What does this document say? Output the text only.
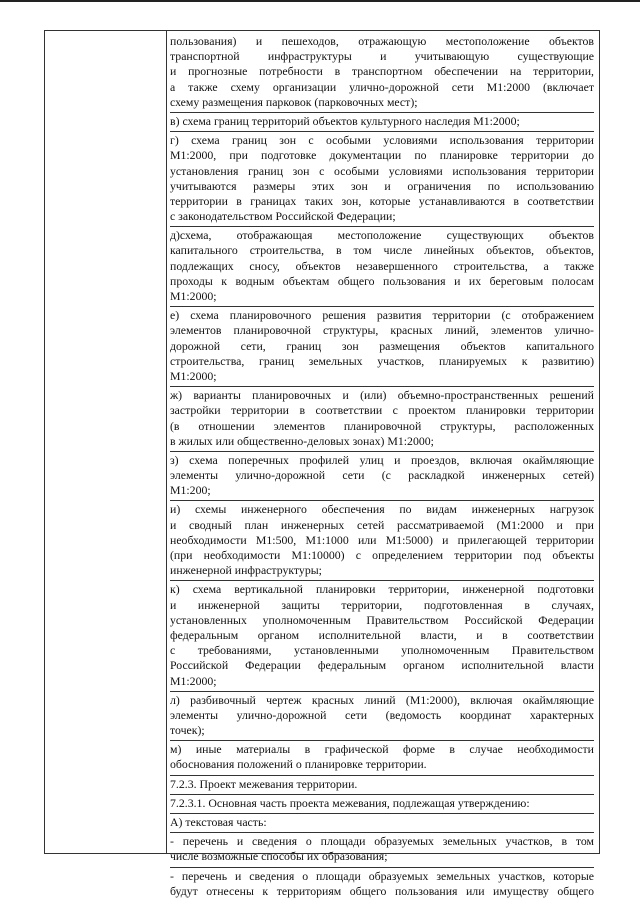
пользования) и пешеходов, отражающую местоположение объектов
транспортной инфраструктуры и учитывающую существующие
и прогнозные потребности в транспортном обеспечении на территории,
а также схему организации улично-дорожной сети М1:2000 (включает
схему размещения парковок (парковочных мест);
в) схема границ территорий объектов культурного наследия М1:2000;
г) схема границ зон с особыми условиями использования территории
М1:2000, при подготовке документации по планировке территории до
установления границ зон с особыми условиями использования территории
учитываются размеры этих зон и ограничения по использованию
территории в границах таких зон, которые устанавливаются в соответствии
с законодательством Российской Федерации;
д)схема, отображающая местоположение существующих объектов
капитального строительства, в том числе линейных объектов, объектов,
подлежащих сносу, объектов незавершенного строительства, а также
проходы к водным объектам общего пользования и их береговым полосам
М1:2000;
е) схема планировочного решения развития территории (с отображением
элементов планировочной структуры, красных линий, элементов улично-
дорожной сети, границ зон размещения объектов капитального
строительства, границ земельных участков, планируемых к развитию)
М1:2000;
ж) варианты планировочных и (или) объемно-пространственных решений
застройки территории в соответствии с проектом планировки территории
(в отношении элементов планировочной структуры, расположенных
в жилых или общественно-деловых зонах) М1:2000;
з) схема поперечных профилей улиц и проездов, включая окаймляющие
элементы улично-дорожной сети (с раскладкой инженерных сетей)
М1:200;
и) схемы инженерного обеспечения по видам инженерных нагрузок
и сводный план инженерных сетей рассматриваемой (М1:2000 и при
необходимости М1:500, М1:1000 или М1:5000) и прилегающей территории
(при необходимости М1:10000) с определением территории под объекты
инженерной инфраструктуры;
к) схема вертикальной планировки территории, инженерной подготовки
и инженерной защиты территории, подготовленная в случаях,
установленных уполномоченным Правительством Российской Федерации
федеральным органом исполнительной власти, и в соответствии
с требованиями, установленными уполномоченным Правительством
Российской Федерации федеральным органом исполнительной власти
М1:2000;
л) разбивочный чертеж красных линий (М1:2000), включая окаймляющие
элементы улично-дорожной сети (ведомость координат характерных
точек);
м) иные материалы в графической форме в случае необходимости
обоснования положений о планировке территории.
7.2.3. Проект межевания территории.
7.2.3.1. Основная часть проекта межевания, подлежащая утверждению:
А) текстовая часть:
- перечень и сведения о площади образуемых земельных участков, в том
числе возможные способы их образования;
- перечень и сведения о площади образуемых земельных участков, которые
будут отнесены к территориям общего пользования или имуществу общего
